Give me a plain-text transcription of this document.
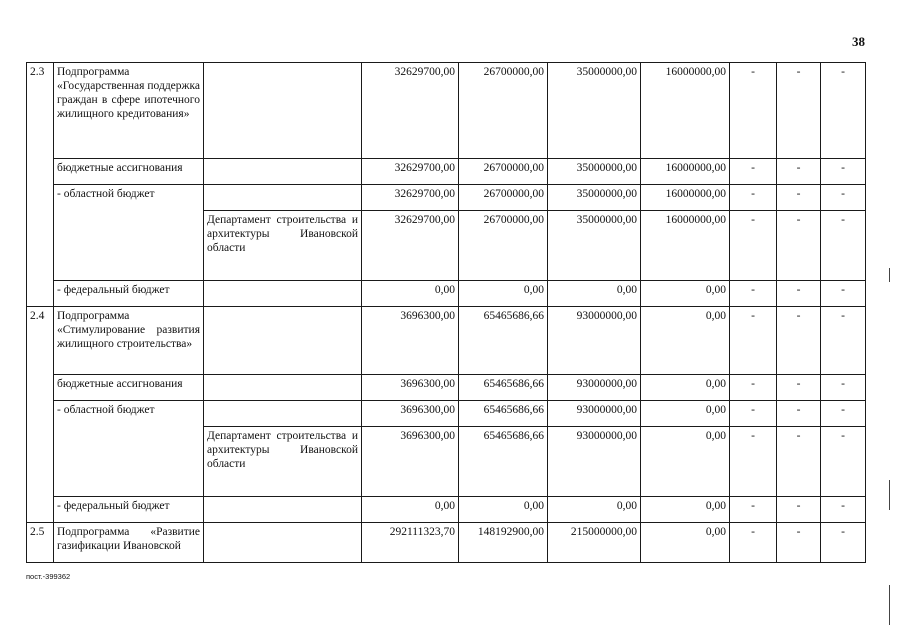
38
2.3	Подпрограмма «Государственная поддержка граждан в сфере ипотечного жилищного кредитования»		32629700,00	26700000,00	35000000,00	16000000,00	-	-	-
	бюджетные ассигнования		32629700,00	26700000,00	35000000,00	16000000,00	-	-	-
	- областной бюджет		32629700,00	26700000,00	35000000,00	16000000,00	-	-	-
		Департамент строительства и архитектуры Ивановской области	32629700,00	26700000,00	35000000,00	16000000,00	-	-	-
	- федеральный бюджет		0,00	0,00	0,00	0,00	-	-	-
2.4	Подпрограмма «Стимулирование развития жилищного строительства»		3696300,00	65465686,66	93000000,00	0,00	-	-	-
	бюджетные ассигнования		3696300,00	65465686,66	93000000,00	0,00	-	-	-
	- областной бюджет		3696300,00	65465686,66	93000000,00	0,00	-	-	-
		Департамент строительства и архитектуры Ивановской области	3696300,00	65465686,66	93000000,00	0,00	-	-	-
	- федеральный бюджет		0,00	0,00	0,00	0,00	-	-	-
2.5	Подпрограмма «Развитие газификации Ивановской		292111323,70	148192900,00	215000000,00	0,00	-	-	-
пост.-399362
